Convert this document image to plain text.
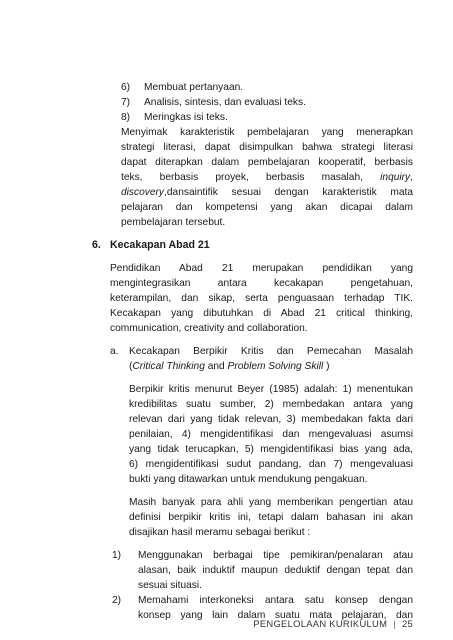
6) Membuat pertanyaan.
7) Analisis, sintesis, dan evaluasi teks.
8) Meringkas isi teks.
Menyimak karakteristik pembelajaran yang menerapkan
strategi literasi, dapat disimpulkan bahwa strategi literasi
dapat diterapkan dalam pembelajaran kooperatif, berbasis
teks, berbasis proyek, berbasis masalah, inquiry,
discovery,dansaintifik sesuai dengan karakteristik mata
pelajaran dan kompetensi yang akan dicapai dalam
pembelajaran tersebut.
6. Kecakapan Abad 21
Pendidikan Abad 21 merupakan pendidikan yang
mengintegrasikan antara kecakapan pengetahuan,
keterampilan, dan sikap, serta penguasaan terhadap TIK.
Kecakapan yang dibutuhkan di Abad 21 critical thinking,
communication, creativity and collaboration.
a. Kecakapan Berpikir Kritis dan Pemecahan Masalah
(Critical Thinking and Problem Solving Skill )
Berpikir kritis menurut Beyer (1985) adalah: 1) menentukan
kredibilitas suatu sumber, 2) membedakan antara yang
relevan dari yang tidak relevan, 3) membedakan fakta dari
penilaian, 4) mengidentifikasi dan mengevaluasi asumsi
yang tidak terucapkan, 5) mengidentifikasi bias yang ada,
6) mengidentifikasi sudut pandang, dan 7) mengevaluasi
bukti yang ditawarkan untuk mendukung pengakuan.
Masih banyak para ahli yang memberikan pengertian atau
definisi berpikir kritis ini, tetapi dalam bahasan ini akan
disajikan hasil meramu sebagai berikut :
1) Menggunakan berbagai tipe pemikiran/penalaran atau
alasan, baik induktif maupun deduktif dengan tepat dan
sesuai situasi.
2) Memahami interkoneksi antara satu konsep dengan
konsep yang lain dalam suatu mata pelajaran, dan
PENGELOLAAN KURIKULUM | 25
